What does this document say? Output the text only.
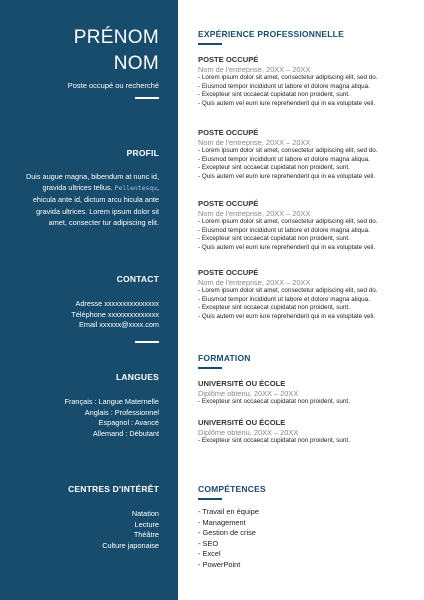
PRÉNOM
NOM
Poste occupé ou recherché
PROFIL
Duis augue magna, bibendum at nunc id, gravida ultrices tellus. Pellentesqu, ehicula ante id, dictum arcu hicula ante gravida ultrices. Lorem ipsum dolor sit amet, consecter tur adipiscing elit.
CONTACT
Adresse xxxxxxxxxxxxxxx
Téléphone xxxxxxxxxxxxxx
Email xxxxxx@xxxx.com
LANGUES
Français : Langue Maternelle
Anglais : Professionnel
Espagnol : Avancé
Allemand : Débutant
CENTRES D'INTÉRÊT
Natation
Lecture
Théâtre
Culture japonaise
EXPÉRIENCE PROFESSIONNELLE
POSTE OCCUPÉ
Nom de l'entreprise, 20XX – 20XX
- Lorem ipsum dolor sit amet, consectetur adipiscing elit, sed do.
- Eiusmod tempor incididunt ut labore et dolore magna aliqua.
- Excepteur sint occaecat cupidatat non proident, sunt.
- Quis autem vel eum iure reprehenderit qui in ea voluptate veli.
POSTE OCCUPÉ
Nom de l'entreprise, 20XX – 20XX
- Lorem ipsum dolor sit amet, consectetur adipiscing elit, sed do.
- Eiusmod tempor incididunt ut labore et dolore magna aliqua.
- Excepteur sint occaecat cupidatat non proident, sunt.
- Quis autem vel eum iure reprehenderit qui in ea voluptate veli.
POSTE OCCUPÉ
Nom de l'entreprise, 20XX – 20XX
- Lorem ipsum dolor sit amet, consectetur adipiscing elit, sed do.
- Eiusmod tempor incididunt ut labore et dolore magna aliqua.
- Excepteur sint occaecat cupidatat non proident, sunt.
- Quis autem vel eum iure reprehenderit qui in ea voluptate veli.
POSTE OCCUPÉ
Nom de l'entreprise, 20XX – 20XX
- Lorem ipsum dolor sit amet, consectetur adipiscing elit, sed do.
- Eiusmod tempor incididunt ut labore et dolore magna aliqua.
- Excepteur sint occaecat cupidatat non proident, sunt.
- Quis autem vel eum iure reprehenderit qui in ea voluptate veli.
FORMATION
UNIVERSITÉ OU ÉCOLE
Diplôme obtenu, 20XX – 20XX
- Excepteur sint occaecat cupidatat non proident, sunt.
UNIVERSITÉ OU ÉCOLE
Diplôme obtenu, 20XX – 20XX
- Excepteur sint occaecat cupidatat non proident, sunt.
COMPÉTENCES
- Travail en équipe
- Management
- Gestion de crise
- SEO
- Excel
- PowerPoint
